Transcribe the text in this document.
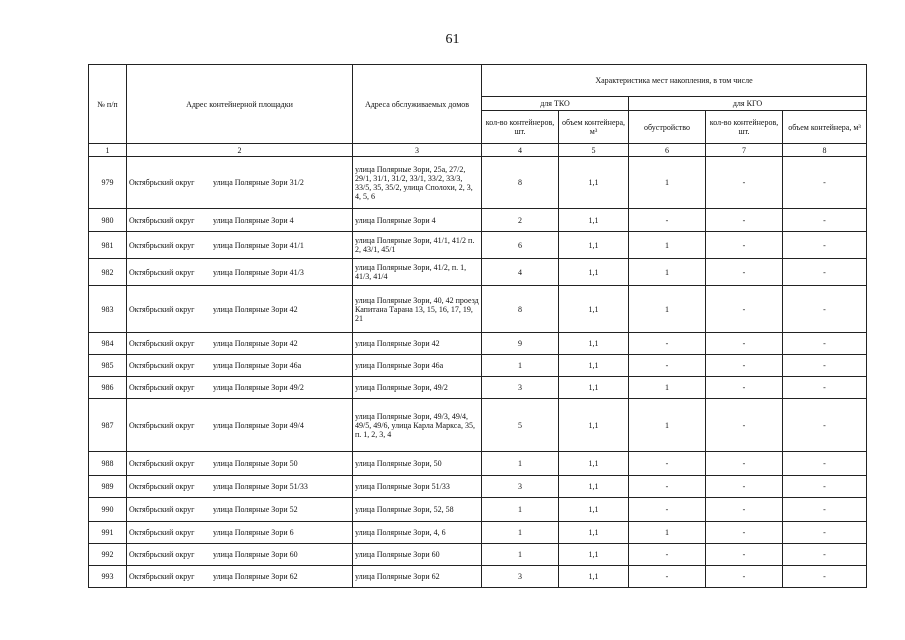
61
№ п/п	Адрес контейнерной площадки	Адреса обслуживаемых домов	Характеристика мест накопления, в том числе				
			для ТКО		для КГО		
			кол-во контейнеров, шт.	объем контейнера, м³	обустройство	кол-во контейнеров, шт.	объем контейнера, м³
1	2	3	4	5	6	7	8
979	Октябрьский округ улица Полярные Зори 31/2	улица Полярные Зори, 25а, 27/2, 29/1, 31/1, 31/2, 33/1, 33/2, 33/3, 33/5, 35, 35/2, улица Сполохи, 2, 3, 4, 5, 6	8	1,1	1	-	-
980	Октябрьский округ улица Полярные Зори 4	улица Полярные Зори 4	2	1,1	-	-	-
981	Октябрьский округ улица Полярные Зори 41/1	улица Полярные Зори, 41/1, 41/2 п. 2, 43/1, 45/1	6	1,1	1	-	-
982	Октябрьский округ улица Полярные Зори 41/3	улица Полярные Зори, 41/2, п. 1, 41/3, 41/4	4	1,1	1	-	-
983	Октябрьский округ улица Полярные Зори 42	улица Полярные Зори, 40, 42 проезд Капитана Тарана 13, 15, 16, 17, 19, 21	8	1,1	1	-	-
984	Октябрьский округ улица Полярные Зори 42	улица Полярные Зори 42	9	1,1	-	-	-
985	Октябрьский округ улица Полярные Зори 46а	улица Полярные Зори 46а	1	1,1	-	-	-
986	Октябрьский округ улица Полярные Зори 49/2	улица Полярные Зори, 49/2	3	1,1	1	-	-
987	Октябрьский округ улица Полярные Зори 49/4	улица Полярные Зори, 49/3, 49/4, 49/5, 49/6, улица Карла Маркса, 35, п. 1, 2, 3, 4	5	1,1	1	-	-
988	Октябрьский округ улица Полярные Зори 50	улица Полярные Зори, 50	1	1,1	-	-	-
989	Октябрьский округ улица Полярные Зори 51/33	улица Полярные Зори 51/33	3	1,1	-	-	-
990	Октябрьский округ улица Полярные Зори 52	улица Полярные Зори, 52, 58	1	1,1	-	-	-
991	Октябрьский округ улица Полярные Зори 6	улица Полярные Зори, 4, 6	1	1,1	1	-	-
992	Октябрьский округ улица Полярные Зори 60	улица Полярные Зори 60	1	1,1	-	-	-
993	Октябрьский округ улица Полярные Зори 62	улица Полярные Зори 62	3	1,1	-	-	-
